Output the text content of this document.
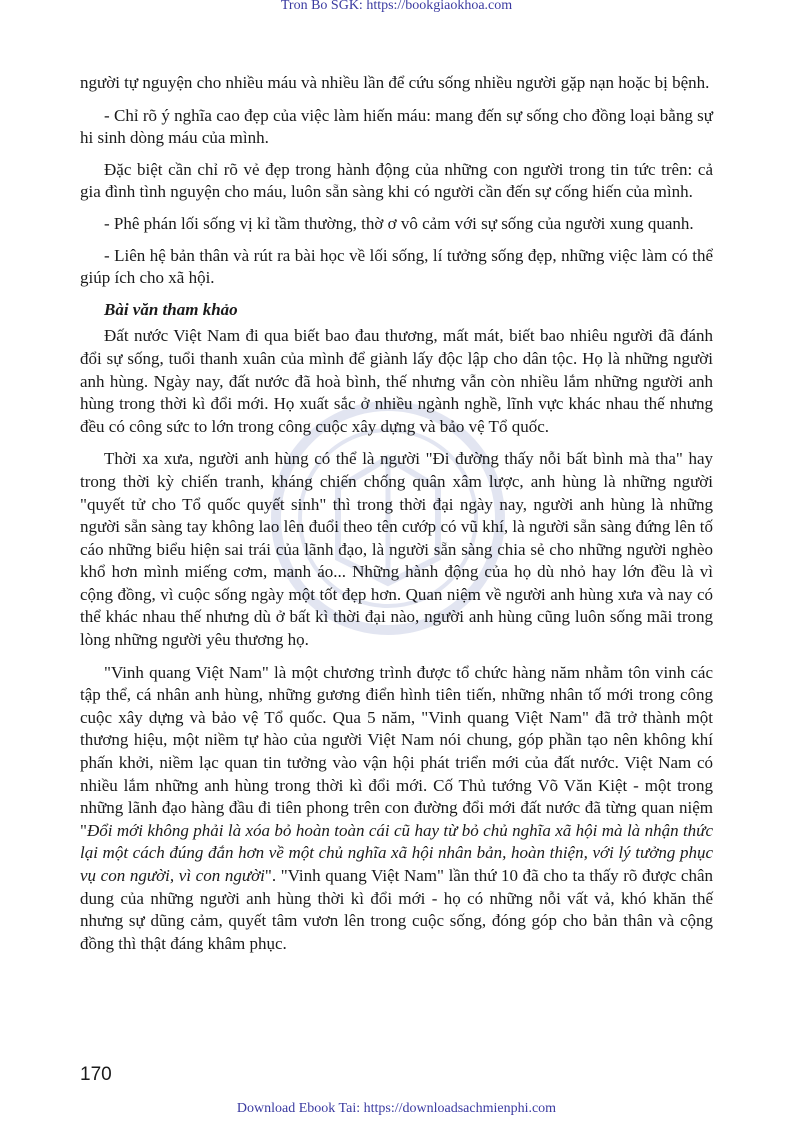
Tron Bo SGK: https://bookgiaokhoa.com

người tự nguyện cho nhiều máu và nhiều lần để cứu sống nhiều người gặp nạn hoặc bị bệnh.

- Chỉ rõ ý nghĩa cao đẹp của việc làm hiến máu: mang đến sự sống cho đồng loại bằng sự hi sinh dòng máu của mình.

Đặc biệt cần chỉ rõ vẻ đẹp trong hành động của những con người trong tin tức trên: cả gia đình tình nguyện cho máu, luôn sẵn sàng khi có người cần đến sự cống hiến của mình.

- Phê phán lối sống vị kỉ tầm thường, thờ ơ vô cảm với sự sống của người xung quanh.

- Liên hệ bản thân và rút ra bài học về lối sống, lí tưởng sống đẹp, những việc làm có thể giúp ích cho xã hội.

Bài văn tham khảo

Đất nước Việt Nam đi qua biết bao đau thương, mất mát, biết bao nhiêu người đã đánh đổi sự sống, tuổi thanh xuân của mình để giành lấy độc lập cho dân tộc. Họ là những người anh hùng. Ngày nay, đất nước đã hoà bình, thế nhưng vẫn còn nhiều lắm những người anh hùng trong thời kì đổi mới. Họ xuất sắc ở nhiều ngành nghề, lĩnh vực khác nhau thế nhưng đều có công sức to lớn trong công cuộc xây dựng và bảo vệ Tổ quốc.

Thời xa xưa, người anh hùng có thể là người "Đi đường thấy nỗi bất bình mà tha" hay trong thời kỳ chiến tranh, kháng chiến chống quân xâm lược, anh hùng là những người "quyết tử cho Tổ quốc quyết sinh" thì trong thời đại ngày nay, người anh hùng là những người sẵn sàng tay không lao lên đuổi theo tên cướp có vũ khí, là người sẵn sàng đứng lên tố cáo những biểu hiện sai trái của lãnh đạo, là người sẵn sàng chia sẻ cho những người nghèo khổ hơn mình miếng cơm, manh áo... Những hành động của họ dù nhỏ hay lớn đều là vì cộng đồng, vì cuộc sống ngày một tốt đẹp hơn. Quan niệm về người anh hùng xưa và nay có thể khác nhau thế nhưng dù ở bất kì thời đại nào, người anh hùng cũng luôn sống mãi trong lòng những người yêu thương họ.

"Vinh quang Việt Nam" là một chương trình được tổ chức hàng năm nhằm tôn vinh các tập thể, cá nhân anh hùng, những gương điển hình tiên tiến, những nhân tố mới trong công cuộc xây dựng và bảo vệ Tổ quốc. Qua 5 năm, "Vinh quang Việt Nam" đã trở thành một thương hiệu, một niềm tự hào của người Việt Nam nói chung, góp phần tạo nên không khí phấn khởi, niềm lạc quan tin tưởng vào vận hội phát triển mới của đất nước. Việt Nam có nhiều lắm những anh hùng trong thời kì đổi mới. Cố Thủ tướng Võ Văn Kiệt - một trong những lãnh đạo hàng đầu đi tiên phong trên con đường đổi mới đất nước đã từng quan niệm "Đổi mới không phải là xóa bỏ hoàn toàn cái cũ hay từ bỏ chủ nghĩa xã hội mà là nhận thức lại một cách đúng đắn hơn về một chủ nghĩa xã hội nhân bản, hoàn thiện, với lý tưởng phục vụ con người, vì con người". "Vinh quang Việt Nam" lần thứ 10 đã cho ta thấy rõ được chân dung của những người anh hùng thời kì đổi mới - họ có những nỗi vất vả, khó khăn thế nhưng sự dũng cảm, quyết tâm vươn lên trong cuộc sống, đóng góp cho bản thân và cộng đồng thì thật đáng khâm phục.

170
Download Ebook Tai: https://downloadsachmienphi.com
